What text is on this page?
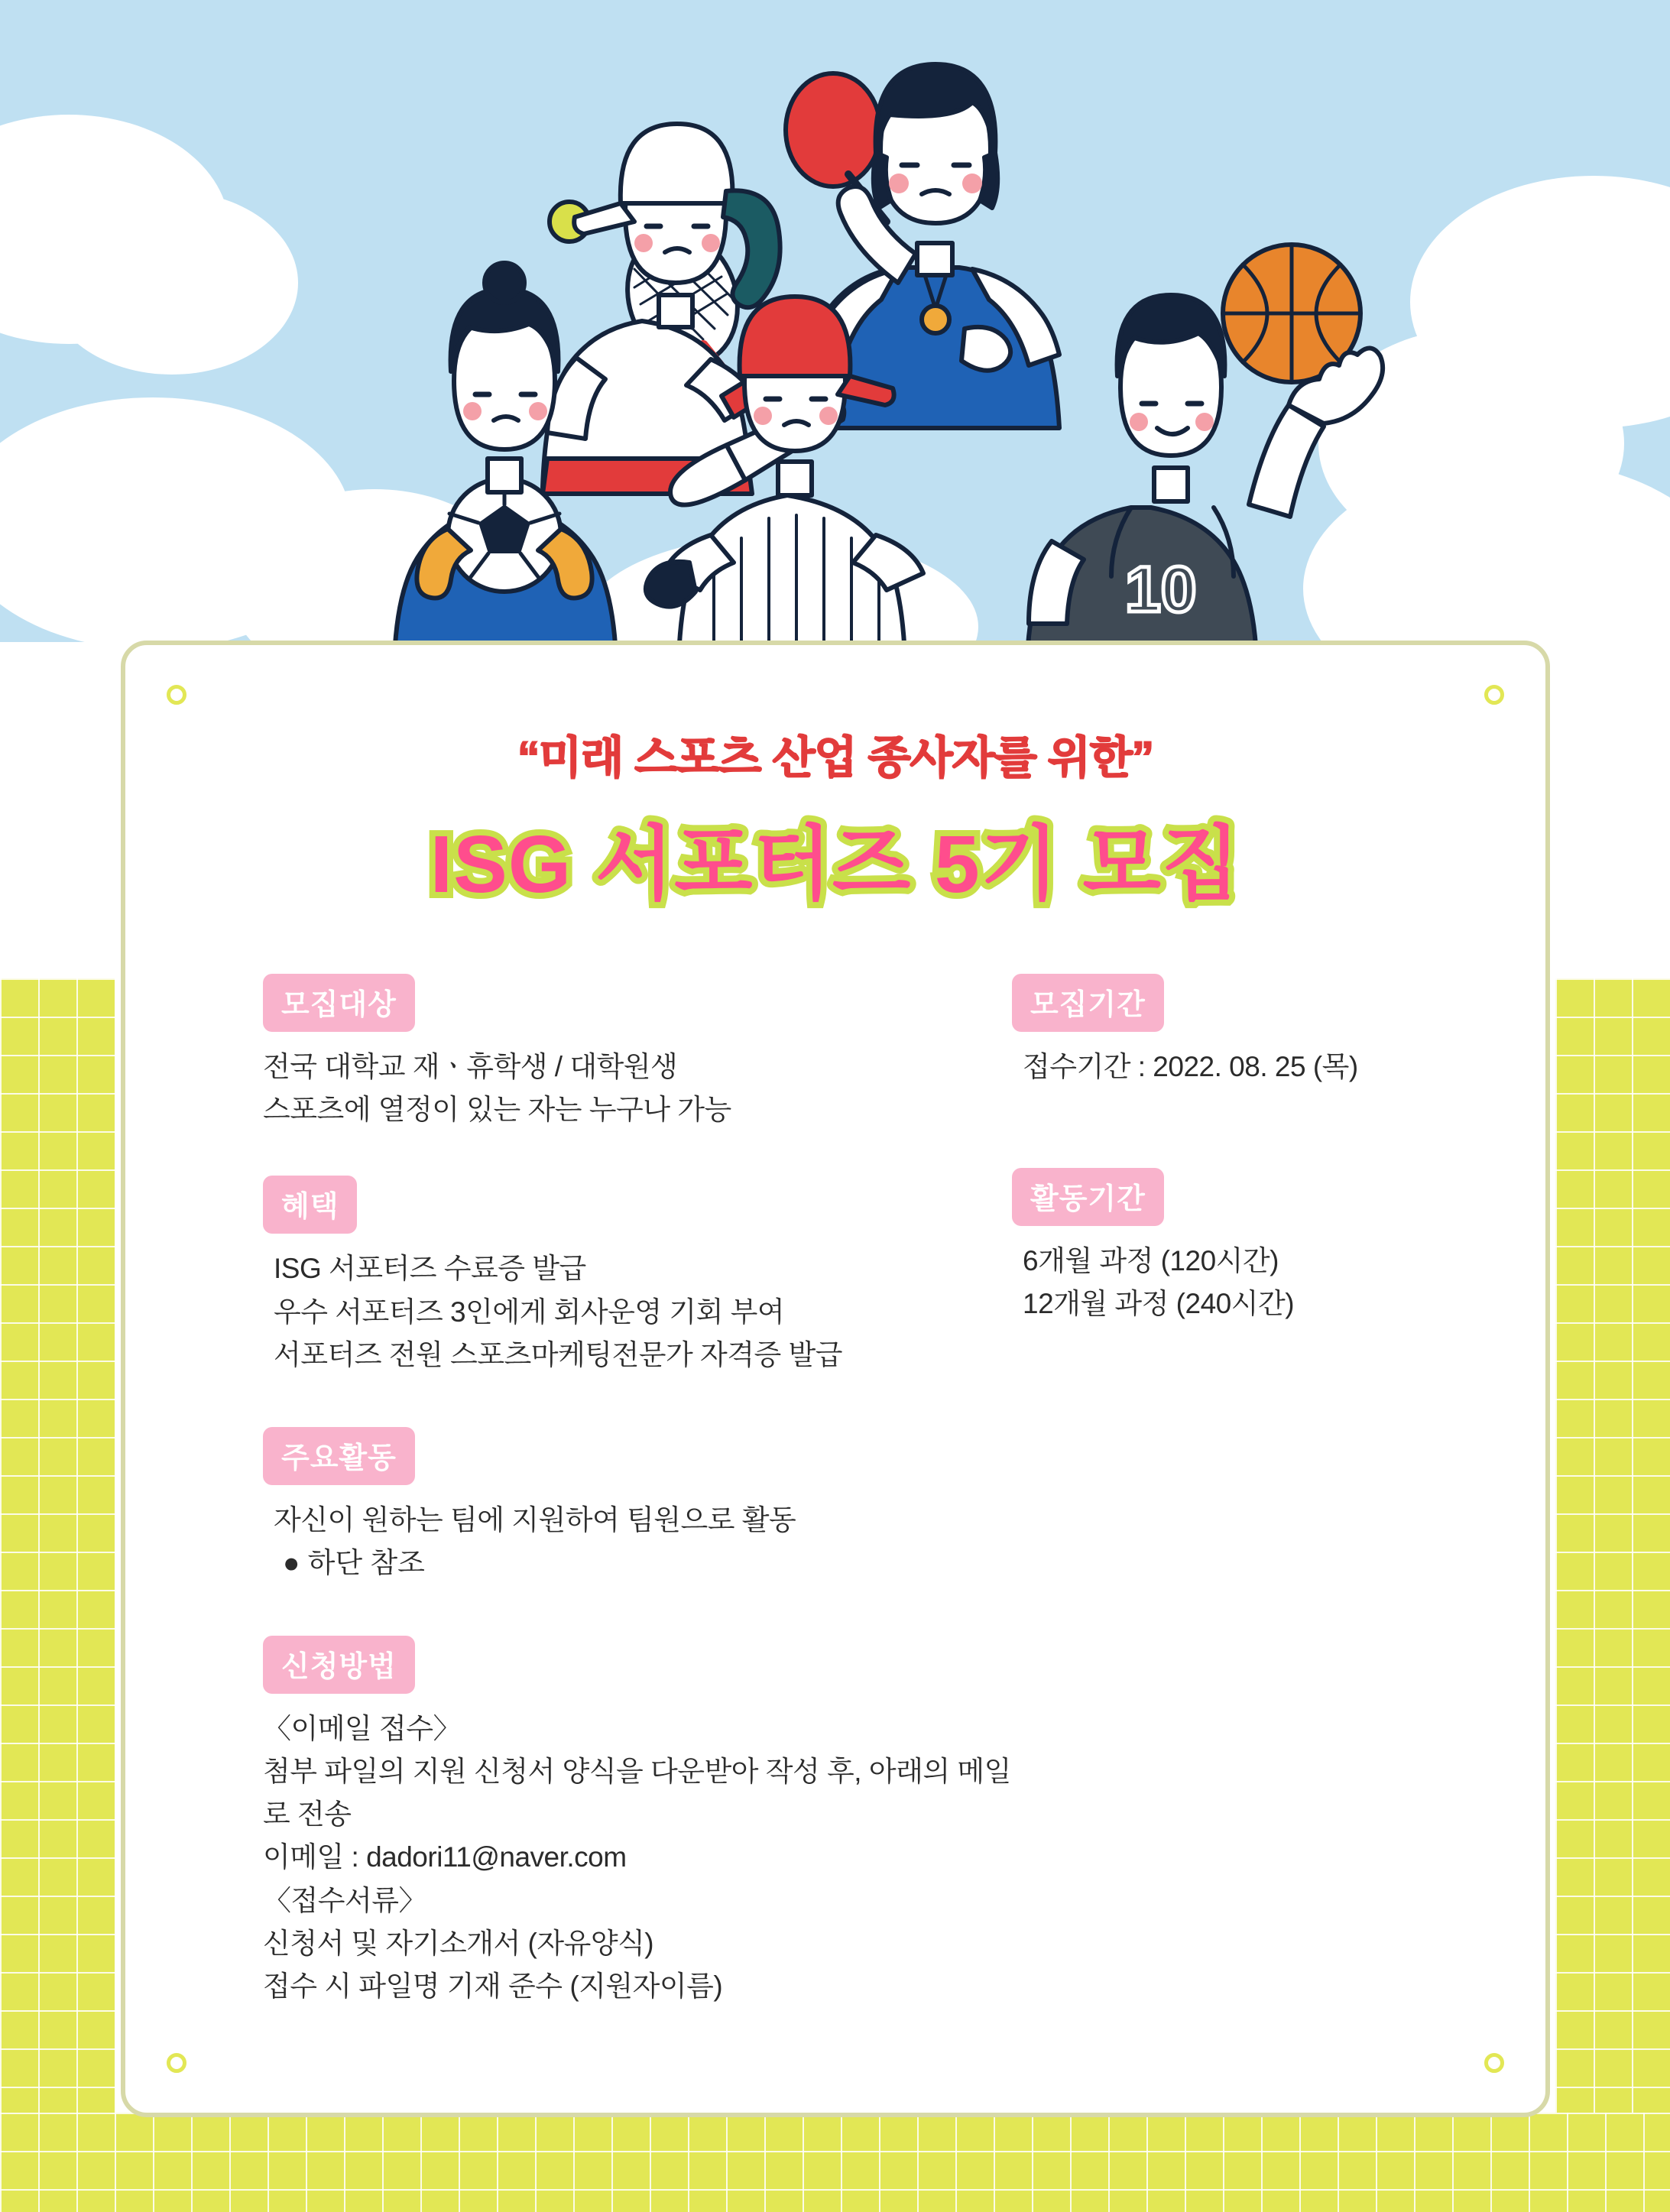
10
“미래 스포츠 산업 종사자를 위한”
ISG 서포터즈 5기 모집
모집대상
전국 대학교 재ㆍ휴학생 / 대학원생
스포츠에 열정이 있는 자는 누구나 가능
혜택
ISG 서포터즈 수료증 발급
우수 서포터즈 3인에게 회사운영 기회 부여
서포터즈 전원 스포츠마케팅전문가 자격증 발급
주요활동
자신이 원하는 팀에 지원하여 팀원으로 활동
● 하단 참조
신청방법
〈이메일 접수〉
첨부 파일의 지원 신청서 양식을 다운받아 작성 후, 아래의 메일로 전송
이메일 : dadori11@naver.com
〈접수서류〉
신청서 및 자기소개서 (자유양식)
접수 시 파일명 기재 준수 (지원자이름)
모집기간
접수기간 : 2022. 08. 25 (목)
활동기간
6개월 과정 (120시간)
12개월 과정 (240시간)
